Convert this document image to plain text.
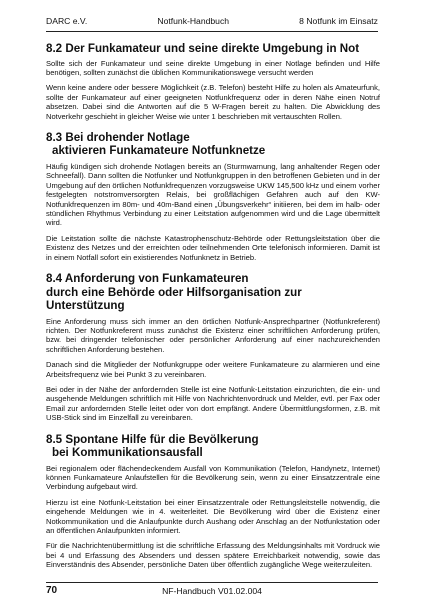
DARC e.V.	Notfunk-Handbuch	8 Notfunk im Einsatz
8.2 Der Funkamateur und seine direkte Umgebung in Not

Sollte sich der Funkamateur und seine direkte Umgebung in einer Notlage befinden und Hilfe benötigen, sollten zunächst die üblichen Kommunikationswege versucht werden

Wenn keine andere oder bessere Möglichkeit (z.B. Telefon) besteht Hilfe zu holen als Amateurfunk, sollte der Funkamateur auf einer geeigneten Notfunkfrequenz oder in deren Nähe einen Notruf absetzen. Dabei sind die Antworten auf die 5 W-Fragen bereit zu halten. Die Abwicklung des Notverkehr geschieht in gleicher Weise wie unter 1 beschrieben mit vertauschten Rollen.

8.3 Bei drohender Notlage
aktivieren Funkamateure Notfunknetze

Häufig kündigen sich drohende Notlagen bereits an (Sturmwarnung, lang anhaltender Regen oder Schneefall). Dann sollten die Notfunker und Notfunkgruppen in den betroffenen Gebieten und in der Umgebung auf den örtlichen Notfunkfrequenzen vorzugsweise UKW 145,500 kHz und einem vorher festgelegten notstromversorgten Relais, bei großflächigen Gefahren auch auf den KW-Notfunkfrequenzen im 80m- und 40m-Band einen „Übungsverkehr“ initiieren, bei dem im halb- oder stündlichen Rhythmus Verbindung zu einer Leitstation aufgenommen wird und die Lage übermittelt wird.

Die Leitstation sollte die nächste Katastrophenschutz-Behörde oder Rettungsleitstation über die Existenz des Netzes und der erreichten oder teilnehmenden Orte telefonisch informieren. Damit ist in einem Notfall sofort ein existierendes Notfunknetz in Betrieb.

8.4 Anforderung von Funkamateuren
durch eine Behörde oder Hilfsorganisation zur Unterstützung

Eine Anforderung muss sich immer an den örtlichen Notfunk-Ansprechpartner (Notfunkreferent) richten. Der Notfunkreferent muss zunächst die Existenz einer schriftlichen Anforderung prüfen, bzw. bei dringender telefonischer oder persönlicher Anforderung auf einer nachzureichenden schriftlichen Anforderung bestehen.

Danach sind die Mitglieder der Notfunkgruppe oder weitere Funkamateure zu alarmieren und eine Arbeitsfrequenz wie bei Punkt 3 zu vereinbaren.

Bei oder in der Nähe der anfordernden Stelle ist eine Notfunk-Leitstation einzurichten, die ein- und ausgehende Meldungen schriftlich mit Hilfe von Nachrichtenvordruck und Melder, evtl. per Fax oder Email zur anfordernden Stelle leitet oder von dort empfängt. Andere Übermittlungsformen, z.B. mit USB-Stick sind im Einzelfall zu vereinbaren.

8.5 Spontane Hilfe für die Bevölkerung
bei Kommunikationsausfall

Bei regionalem oder flächendeckendem Ausfall von Kommunikation (Telefon, Handynetz, Internet) können Funkamateure Anlaufstellen für die Bevölkerung sein, wenn zu einer Einsatzzentrale eine Verbindung aufgebaut wird.

Hierzu ist eine Notfunk-Leitstation bei einer Einsatzzentrale oder Rettungsleitstelle notwendig, die eingehende Meldungen wie in 4. weiterleitet. Die Bevölkerung wird über die Existenz einer Notkommunikation und die Anlaufpunkte durch Aushang oder Anschlag an der Notfunkstation oder an öffentlichen Anlaufpunkten informiert.

Für die Nachrichtenübermittlung ist die schriftliche Erfassung des Meldungsinhalts mit Vordruck wie bei 4 und Erfassung des Absenders und dessen spätere Erreichbarkeit notwendig, sowie das Einverständnis des Absender, persönliche Daten über öffentlich zugängliche Wege weiterzuleiten.

70	NF-Handbuch V01.02.004
